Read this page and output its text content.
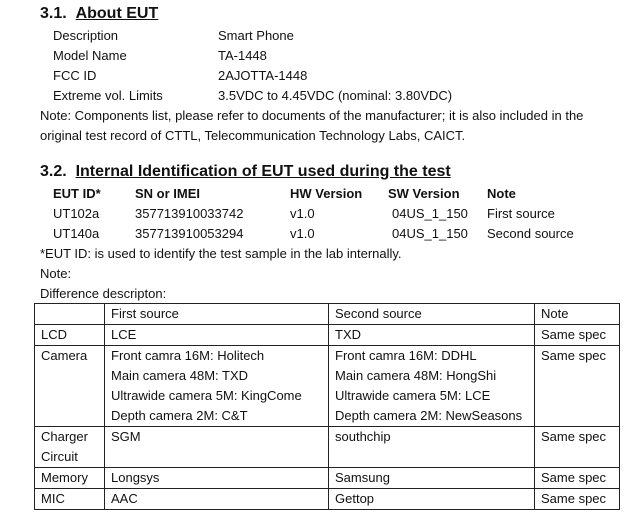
3.1. About EUT
Description	Smart Phone
Model Name	TA-1448
FCC ID	2AJOTTA-1448
Extreme vol. Limits	3.5VDC to 4.45VDC (nominal: 3.80VDC)
Note: Components list, please refer to documents of the manufacturer; it is also included in the
original test record of CTTL, Telecommunication Technology Labs, CAICT.
3.2. Internal Identification of EUT used during the test
EUT ID*	SN or IMEI	HW Version SW Version Note
UT102a	357713910033742	v1.0	04US_1_150 First source
UT140a	357713910053294	v1.0	04US_1_150 Second source
*EUT ID: is used to identify the test sample in the lab internally.
Note:
Difference descripton:
	First source	Second source	Note

LCD	LCE	TXD	Same spec

Camera	Front camra 16M: Holitech
Main camera 48M: TXD
Ultrawide camera 5M: KingCome
Depth camera 2M: C&T	Front camra 16M: DDHL
Main camera 48M: HongShi
Ultrawide camera 5M: LCE
Depth camera 2M: NewSeasons	Same spec

Charger
Circuit	SGM	southchip	Same spec

Memory	Longsys	Samsung	Same spec

MIC	AAC	Gettop	Same spec
